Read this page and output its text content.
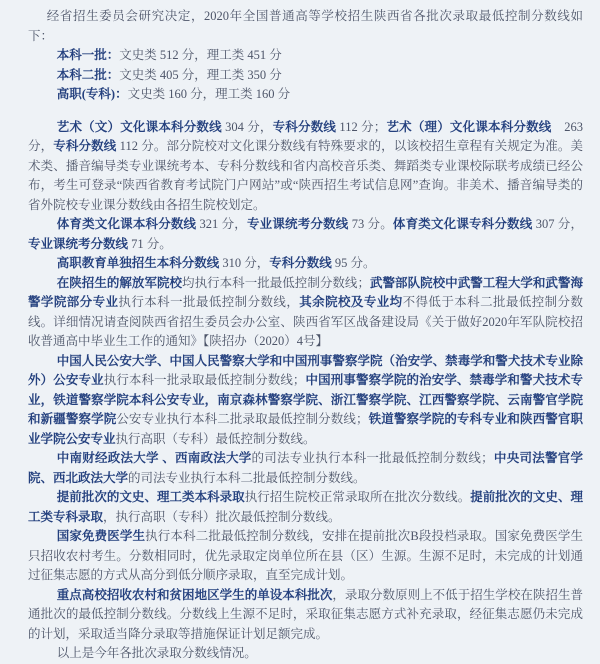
经省招生委员会研究决定，2020年全国普通高等学校招生陕西省各批次录取最低控制分数线如下：

本科一批：文史类 512 分，理工类 451 分

本科二批：文史类 405 分，理工类 350 分

高职(专科)：文史类 160 分，理工类 160 分

艺术（文）文化课本科分数线 304 分，专科分数线 112 分；艺术（理）文化课本科分数线　263 分，专科分数线 112 分。部分院校对文化课分数线有特殊要求的，以该校招生章程有关规定为准。美术类、播音编导类专业课统考本、专科分数线和省内高校音乐类、舞蹈类专业课校际联考成绩已经公布，考生可登录“陕西省教育考试院门户网站”或“陕西招生考试信息网”查询。非美术、播音编导类的省外院校专业课分数线由各招生院校划定。

体育类文化课本科分数线 321 分，专业课统考分数线 73 分。体育类文化课专科分数线 307 分，专业课统考分数线 71 分。

高职教育单独招生本科分数线 310 分，专科分数线 95 分。

在陕招生的解放军院校均执行本科一批最低控制分数线；武警部队院校中武警工程大学和武警海警学院部分专业执行本科一批最低控制分数线，其余院校及专业均不得低于本科二批最低控制分数线。详细情况请查阅陕西省招生委员会办公室、陕西省军区战备建设局《关于做好2020年军队院校招收普通高中毕业生工作的通知》【陕招办（2020）4号】

中国人民公安大学、中国人民警察大学和中国刑事警察学院（治安学、禁毒学和警犬技术专业除外）公安专业执行本科一批录取最低控制分数线；中国刑事警察学院的治安学、禁毒学和警犬技术专业，铁道警察学院本科公安专业，南京森林警察学院、浙江警察学院、江西警察学院、云南警官学院和新疆警察学院公安专业执行本科二批录取最低控制分数线；铁道警察学院的专科专业和陕西警官职业学院公安专业执行高职（专科）最低控制分数线。

中南财经政法大学 、西南政法大学的司法专业执行本科一批最低控制分数线；中央司法警官学院、西北政法大学的司法专业执行本科二批最低控制分数线。

提前批次的文史、理工类本科录取执行招生院校正常录取所在批次分数线。提前批次的文史、理工类专科录取，执行高职（专科）批次最低控制分数线。

国家免费医学生执行本科二批最低控制分数线，安排在提前批次B段投档录取。国家免费医学生只招收农村考生。分数相同时，优先录取定岗单位所在县（区）生源。生源不足时，未完成的计划通过征集志愿的方式从高分到低分顺序录取，直至完成计划。

重点高校招收农村和贫困地区学生的单设本科批次，录取分数原则上不低于招生学校在陕招生普通批次的最低控制分数线。分数线上生源不足时，采取征集志愿方式补充录取，经征集志愿仍未完成的计划，采取适当降分录取等措施保证计划足额完成。

以上是今年各批次录取分数线情况。
